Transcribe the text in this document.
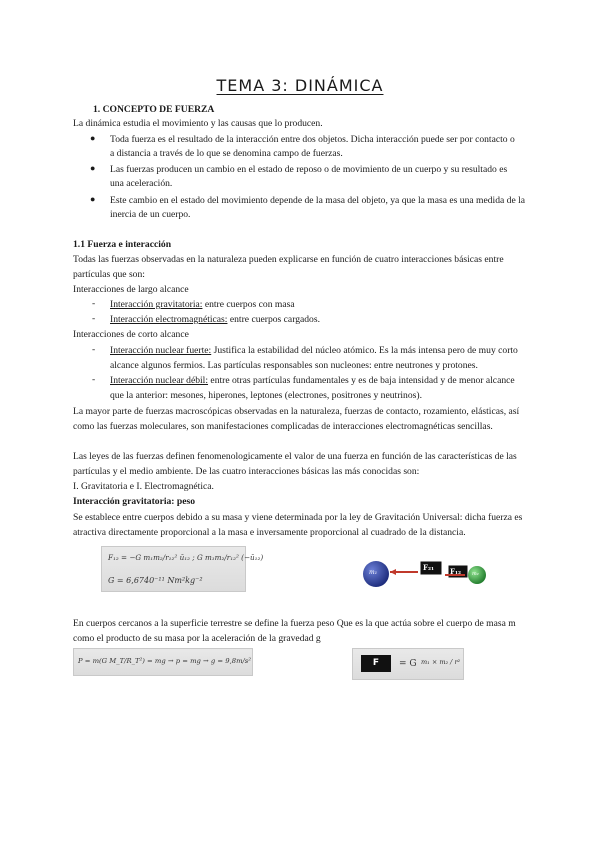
TEMA 3: DINÁMICA
1. CONCEPTO DE FUERZA
La dinámica estudia el movimiento y las causas que lo producen.
● Toda fuerza es el resultado de la interacción entre dos objetos. Dicha interacción puede ser por contacto o
a distancia a través de lo que se denomina campo de fuerzas.
● Las fuerzas producen un cambio en el estado de reposo o de movimiento de un cuerpo y su resultado es
una aceleración.
● Este cambio en el estado del movimiento depende de la masa del objeto, ya que la masa es una medida de la
inercia de un cuerpo.
1.1 Fuerza e interacción
Todas las fuerzas observadas en la naturaleza pueden explicarse en función de cuatro interacciones básicas entre
partículas que son:
Interacciones de largo alcance
- Interacción gravitatoria: entre cuerpos con masa
- Interacción electromagnéticas: entre cuerpos cargados.
Interacciones de corto alcance
- Interacción nuclear fuerte: Justifica la estabilidad del núcleo atómico. Es la más intensa pero de muy corto
alcance algunos fermios. Las partículas responsables son nucleones: entre neutrones y protones.
- Interacción nuclear débil: entre otras partículas fundamentales y es de baja intensidad y de menor alcance
que la anterior: mesones, hiperones, leptones (electrones, positrones y neutrinos).
La mayor parte de fuerzas macroscópicas observadas en la naturaleza, fuerzas de contacto, rozamiento, elásticas, así
como las fuerzas moleculares, son manifestaciones complicadas de interacciones electromagnéticas sencillas.
Las leyes de las fuerzas definen fenomenologicamente el valor de una fuerza en función de las características de las
partículas y el medio ambiente. De las cuatro interacciones básicas las más conocidas son:
I. Gravitatoria e I. Electromagnética.
Interacción gravitatoria: peso
Se establece entre cuerpos debido a su masa y viene determinada por la ley de Gravitación Universal: dicha fuerza es
atractiva directamente proporcional a la masa e inversamente proporcional al cuadrado de la distancia.
F₁₂ = −G m₁m₂/r₁₂² ū₁₂ ; G m₁m₂/r₁₂² (−ū₁₂)
G = 6,6740⁻¹¹ Nm²kg⁻²
F₂₁ F₁₂
m₁	m₂
En cuerpos cercanos a la superficie terrestre se define la fuerza peso Que es la que actúa sobre el cuerpo de masa m
como el producto de su masa por la aceleración de la gravedad g
P = m(G M_T/R_T²) = mg → p = mg → g = 9,8m/s²	F	= G m₁ × m₂ / r²
